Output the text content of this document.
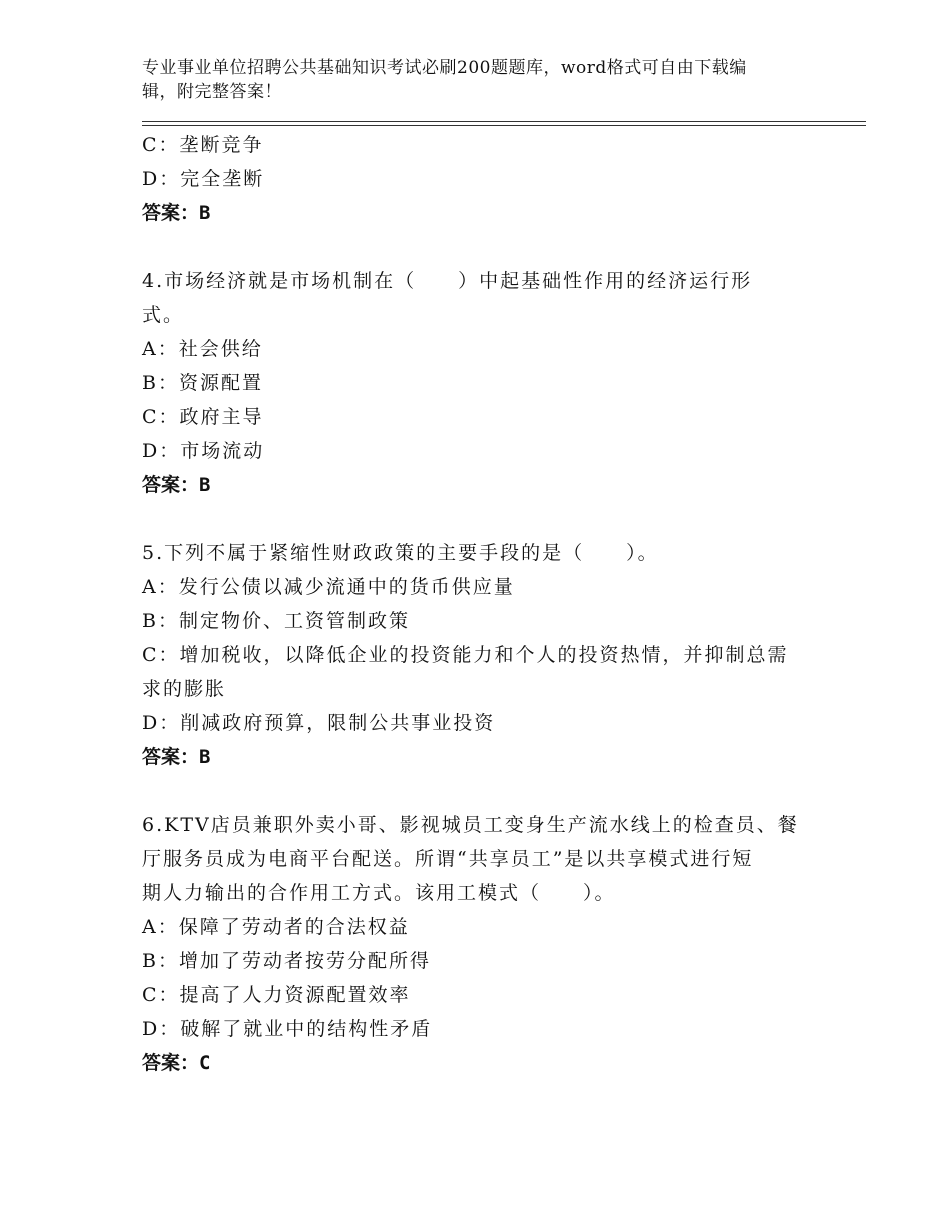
专业事业单位招聘公共基础知识考试必刷200题题库，word格式可自由下载编
辑，附完整答案！
C：垄断竞争
D：完全垄断
答案：B
4.市场经济就是市场机制在（　　）中起基础性作用的经济运行形
式。
A：社会供给
B：资源配置
C：政府主导
D：市场流动
答案：B
5.下列不属于紧缩性财政政策的主要手段的是（　　）。
A：发行公债以减少流通中的货币供应量
B：制定物价、工资管制政策
C：增加税收，以降低企业的投资能力和个人的投资热情，并抑制总需
求的膨胀
D：削减政府预算，限制公共事业投资
答案：B
6.KTV店员兼职外卖小哥、影视城员工变身生产流水线上的检查员、餐
厅服务员成为电商平台配送。所谓“共享员工”是以共享模式进行短
期人力输出的合作用工方式。该用工模式（　　）。
A：保障了劳动者的合法权益
B：增加了劳动者按劳分配所得
C：提高了人力资源配置效率
D：破解了就业中的结构性矛盾
答案：C
